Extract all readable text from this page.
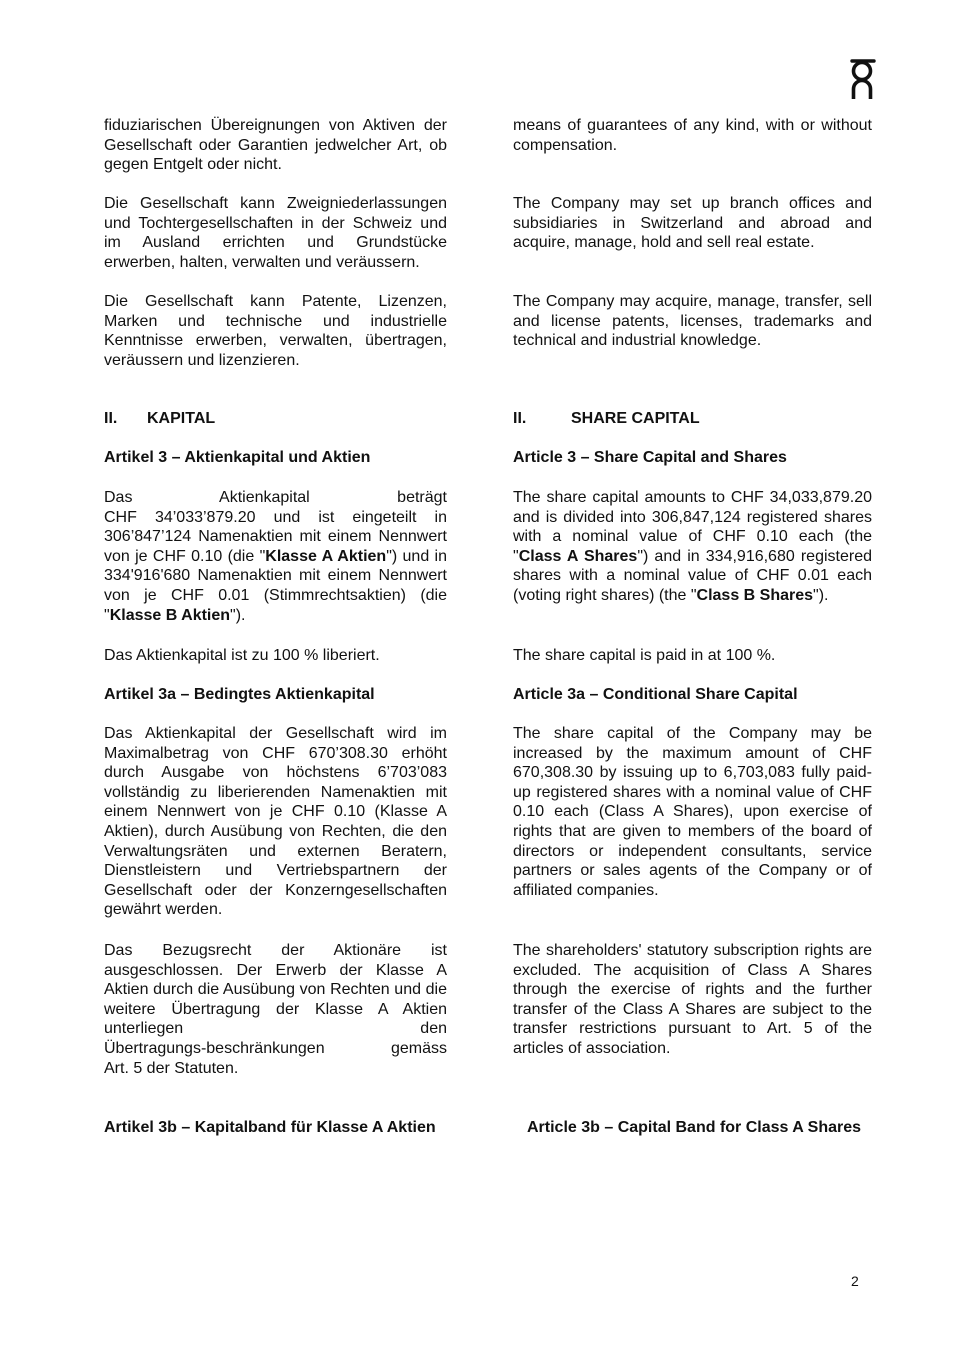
fiduziarischen Übereignungen von Aktiven der Gesellschaft oder Garantien jedwelcher Art, ob gegen Entgelt oder nicht.

means of guarantees of any kind, with or without compensation.

Die Gesellschaft kann Zweigniederlassungen und Tochtergesellschaften in der Schweiz und im Ausland errichten und Grundstücke erwerben, halten, verwalten und veräussern.

The Company may set up branch offices and subsidiaries in Switzerland and abroad and acquire, manage, hold and sell real estate.

Die Gesellschaft kann Patente, Lizenzen, Marken und technische und industrielle Kenntnisse erwerben, verwalten, übertragen, veräussern und lizenzieren.

The Company may acquire, manage, transfer, sell and license patents, licenses, trademarks and technical and industrial knowledge.

II. KAPITAL	II.	SHARE CAPITAL

Artikel 3 – Aktienkapital und Aktien	Article 3 – Share Capital and Shares

Das Aktienkapital beträgt
CHF 34’033’879.20 und ist eingeteilt in 306’847’124 Namenaktien mit einem Nennwert von je CHF 0.10 (die "Klasse A Aktien") und in 334'916'680 Namenaktien mit einem Nennwert von je CHF 0.01 (Stimmrechtsaktien) (die "Klasse B Aktien").

The share capital amounts to CHF 34,033,879.20 and is divided into 306,847,124 registered shares with a nominal value of CHF 0.10 each (the "Class A Shares") and in 334,916,680 registered shares with a nominal value of CHF 0.01 each (voting right shares) (the "Class B Shares").

Das Aktienkapital ist zu 100 % liberiert.	The share capital is paid in at 100 %.

Artikel 3a – Bedingtes Aktienkapital	Article 3a – Conditional Share Capital

Das Aktienkapital der Gesellschaft wird im Maximalbetrag von CHF 670’308.30 erhöht durch Ausgabe von höchstens 6’703’083 vollständig zu liberierenden Namenaktien mit einem Nennwert von je CHF 0.10 (Klasse A Aktien), durch Ausübung von Rechten, die den Verwaltungsräten und externen Beratern, Dienstleistern und Vertriebspartnern der Gesellschaft oder der Konzerngesellschaften gewährt werden.

The share capital of the Company may be increased by the maximum amount of CHF 670,308.30 by issuing up to 6,703,083 fully paid-up registered shares with a nominal value of CHF 0.10 each (Class A Shares), upon exercise of rights that are given to members of the board of directors or independent consultants, service partners or sales agents of the Company or of affiliated companies.

Das Bezugsrecht der Aktionäre ist ausgeschlossen. Der Erwerb der Klasse A Aktien durch die Ausübung von Rechten und die weitere Übertragung der Klasse A Aktien unterliegen den
Übertragungs-beschränkungen gemäss
Art. 5 der Statuten.

The shareholders' statutory subscription rights are excluded. The acquisition of Class A Shares through the exercise of rights and the further transfer of the Class A Shares are subject to the transfer restrictions pursuant to Art. 5 of the articles of association.

Artikel 3b – Kapitalband für Klasse A Aktien	Article 3b – Capital Band for Class A Shares

2
